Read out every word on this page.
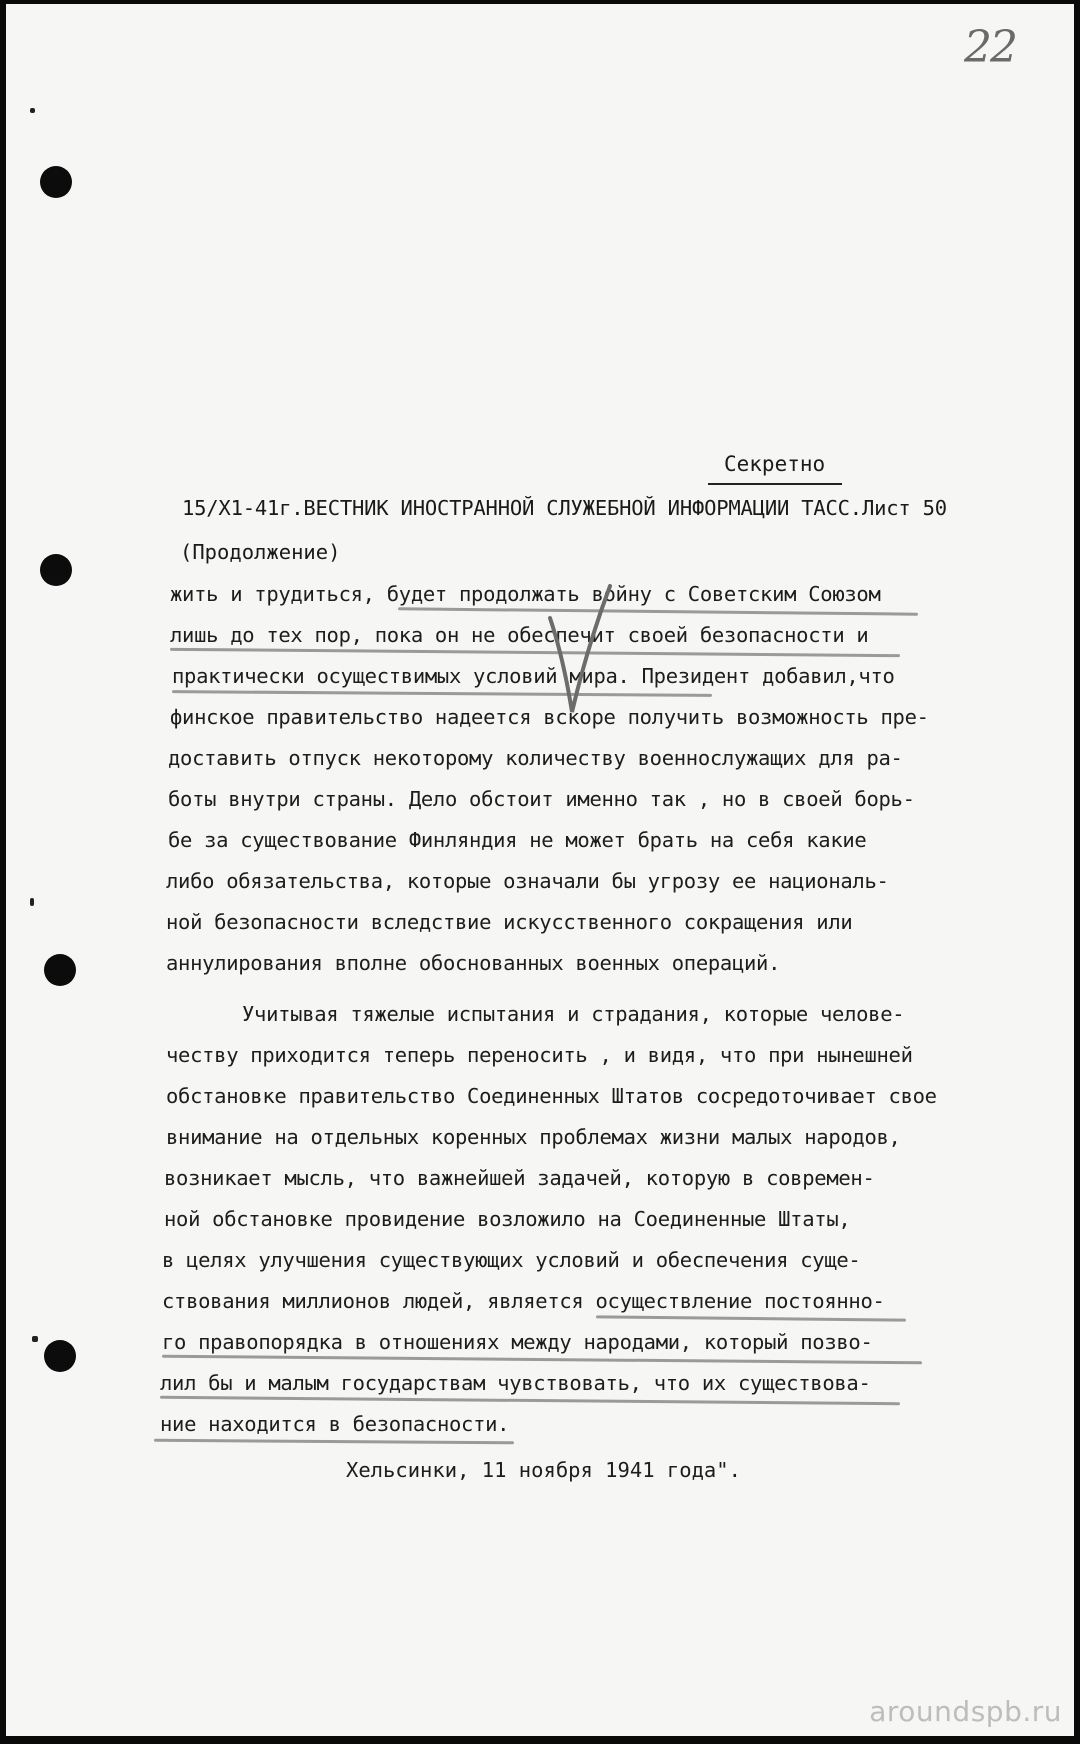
22
Секретно
15/Х1-41г.ВЕСТНИК ИНОСТРАННОЙ СЛУЖЕБНОЙ ИНФОРМАЦИИ ТАСС.Лист 50
(Продолжение)
жить и трудиться, будет продолжать войну с Советским Союзом
лишь до тех пор, пока он не обеспечит своей безопасности и
практически осуществимых условий мира. Президент добавил,что
финское правительство надеется вскоре получить возможность пре-
доставить отпуск некоторому количеству военнослужащих для ра-
боты внутри страны. Дело обстоит именно так , но в своей борь-
бе за существование Финляндия не может брать на себя какие
либо обязательства, которые означали бы угрозу ее националь-
ной безопасности вследствие искусственного сокращения или
аннулирования вполне обоснованных военных операций.
Учитывая тяжелые испытания и страдания, которые челове-
честву приходится теперь переносить , и видя, что при нынешней
обстановке правительство Соединенных Штатов сосредоточивает свое
внимание на отдельных коренных проблемах жизни малых народов,
возникает мысль, что важнейшей задачей, которую в современ-
ной обстановке провидение возложило на Соединенные Штаты,
в целях улучшения существующих условий и обеспечения суще-
ствования миллионов людей, является осуществление постоянно-
го правопорядка в отношениях между народами, который позво-
лил бы и малым государствам чувствовать, что их существова-
ние находится в безопасности.
Хельсинки, 11 ноября 1941 года".
aroundspb.ru
